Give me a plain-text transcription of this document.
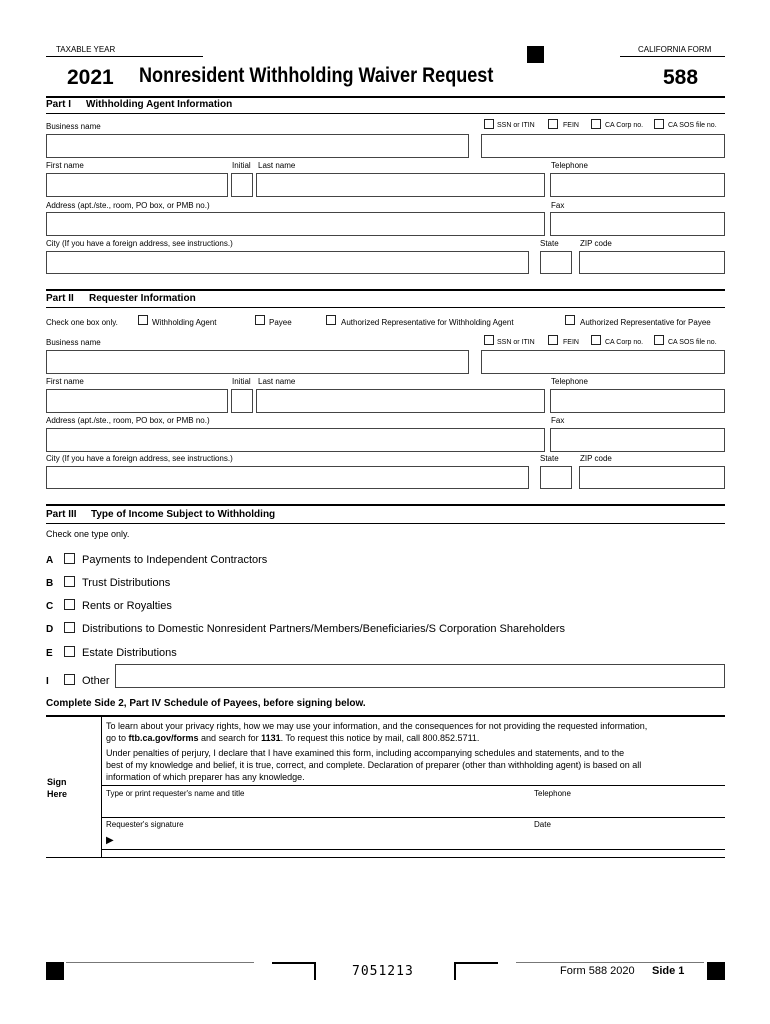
TAXABLE YEAR	CALIFORNIA FORM
2021 Nonresident Withholding Waiver Request	588
Part I Withholding Agent Information
Business name	SSN or ITIN	FEIN	CA Corp no.	CA SOS file no.
First name	Initial Last name	Telephone
Address (apt./ste., room, PO box, or PMB no.)	Fax
City (If you have a foreign address, see instructions.)	State	ZIP code
Part II Requester Information
Check one box only.	Withholding Agent	Payee	Authorized Representative for Withholding Agent	Authorized Representative for Payee
Business name	SSN or ITIN	FEIN	CA Corp no.	CA SOS file no.
First name	Initial Last name	Telephone
Address (apt./ste., room, PO box, or PMB no.)	Fax
City (If you have a foreign address, see instructions.)	State	ZIP code
Part III Type of Income Subject to Withholding
Check one type only.
A	Payments to Independent Contractors
B	Trust Distributions
C	Rents or Royalties
D	Distributions to Domestic Nonresident Partners/Members/Beneficiaries/S Corporation Shareholders
E	Estate Distributions
I	Other
Complete Side 2, Part IV Schedule of Payees, before signing below.
Sign
Here
To learn about your privacy rights, how we may use your information, and the consequences for not providing the requested information,
go to ftb.ca.gov/forms and search for 1131. To request this notice by mail, call 800.852.5711.
Under penalties of perjury, I declare that I have examined this form, including accompanying schedules and statements, and to the
best of my knowledge and belief, it is true, correct, and complete. Declaration of preparer (other than withholding agent) is based on all
information of which preparer has any knowledge.
Type or print requester's name and title	Telephone
Requester's signature	Date
▶
7051213	Form 588 2020 Side 1
